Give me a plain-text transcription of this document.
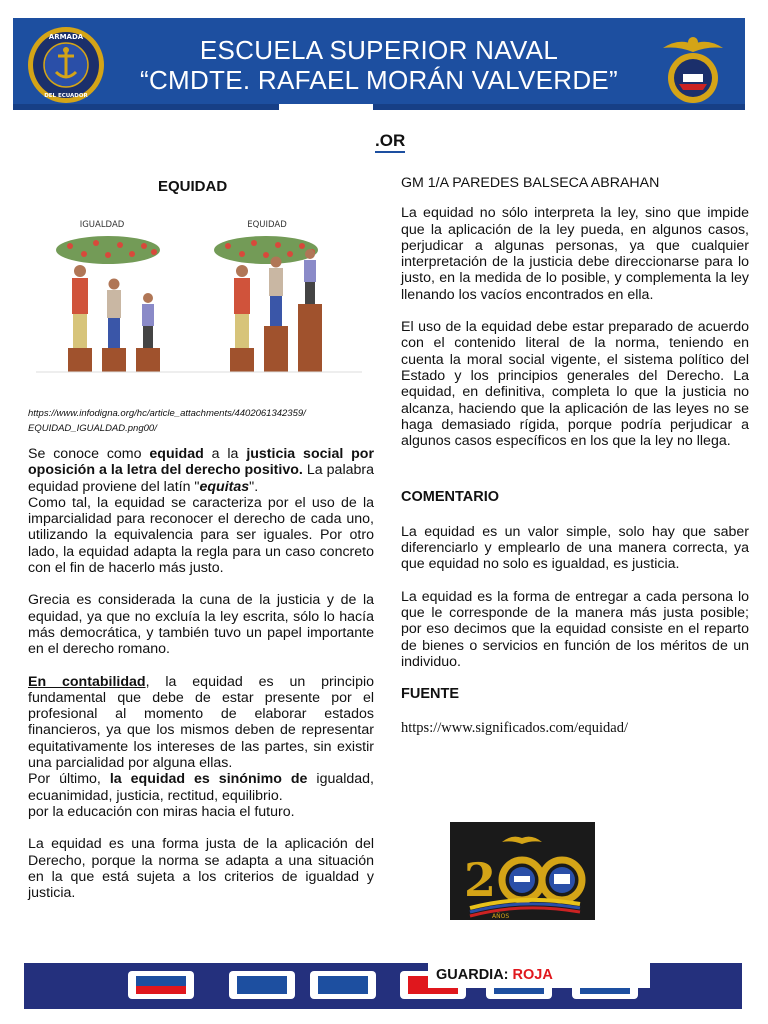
ARMADA
DEL ECUADOR
ESCUELA SUPERIOR NAVAL
“CMDTE. RAFAEL MORÁN VALVERDE”
.OR
EQUIDAD
IGUALDAD	EQUIDAD
https://www.infodigna.org/hc/article_attachments/4402061342359/
EQUIDAD_IGUALDAD.png00/

Se conoce como equidad a la justicia social por oposición a la letra del derecho positivo. La palabra equidad proviene del latín "equitas".
Como tal, la equidad se caracteriza por el uso de la imparcialidad para reconocer el derecho de cada uno, utilizando la equivalencia para ser iguales. Por otro lado, la equidad adapta la regla para un caso concreto con el fin de hacerlo más justo.

Grecia es considerada la cuna de la justicia y de la equidad, ya que no excluía la ley escrita, sólo lo hacía más democrática, y también tuvo un papel importante en el derecho romano.

En contabilidad, la equidad es un principio fundamental que debe de estar presente por el profesional al momento de elaborar estados financieros, ya que los mismos deben de representar equitativamente los intereses de las partes, sin existir una parcialidad por alguna ellas.
Por último, la equidad es sinónimo de igualdad, ecuanimidad, justicia, rectitud, equilibrio.
por la educación con miras hacia el futuro.

La equidad es una forma justa de la aplicación del Derecho, porque la norma se adapta a una situación en la que está sujeta a los criterios de igualdad y justicia.

GM 1/A PAREDES BALSECA ABRAHAN

La equidad no sólo interpreta la ley, sino que impide que la aplicación de la ley pueda, en algunos casos, perjudicar a algunas personas, ya que cualquier interpretación de la justicia debe direccionarse para lo justo, en la medida de lo posible, y complementa la ley llenando los vacíos encontrados en ella.

El uso de la equidad debe estar preparado de acuerdo con el contenido literal de la norma, teniendo en cuenta la moral social vigente, el sistema político del Estado y los principios generales del Derecho. La equidad, en definitiva, completa lo que la justicia no alcanza, haciendo que la aplicación de las leyes no se haga demasiado rígida, porque podría perjudicar a algunos casos específicos en los que la ley no llega.

COMENTARIO

La equidad es un valor simple, solo hay que saber diferenciarlo y emplearlo de una manera correcta, ya que equidad no solo es igualdad, es justicia.

La equidad es la forma de entregar a cada persona lo que le corresponde de la manera más justa posible; por eso decimos que la equidad consiste en el reparto de bienes o servicios en función de los méritos de un individuo.

FUENTE

https://www.significados.com/equidad/

2
AÑOS
GUARDIA: ROJA
